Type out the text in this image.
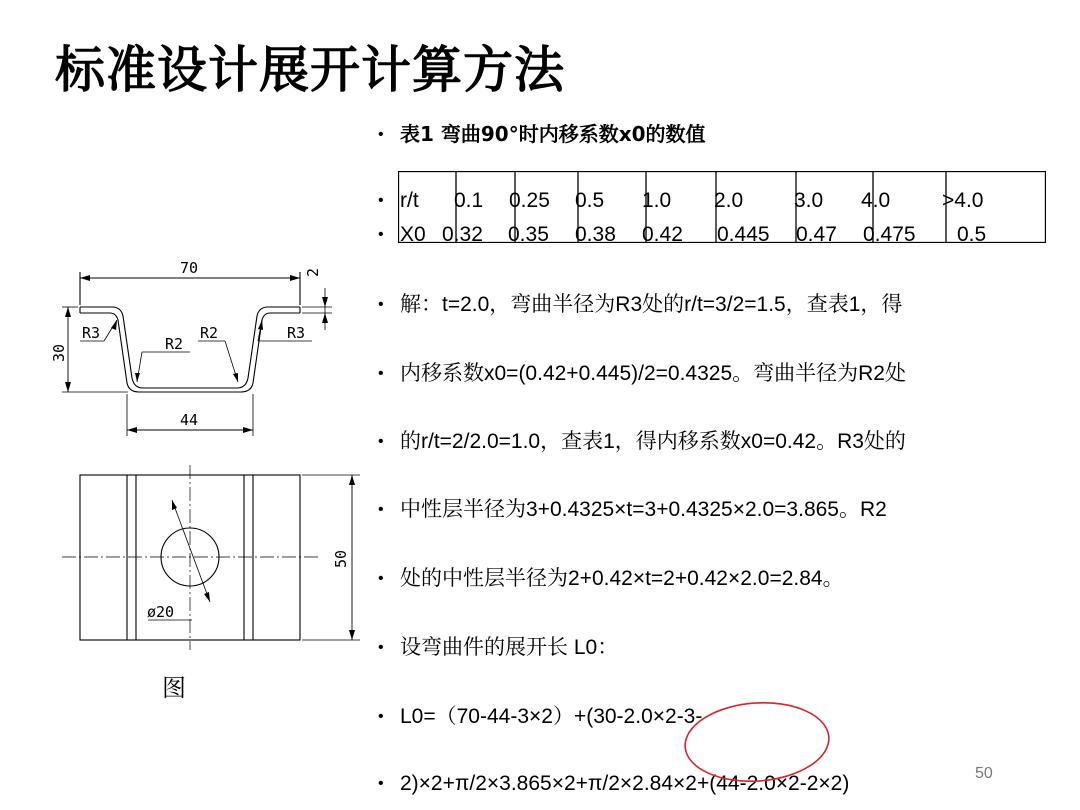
标准设计展开计算方法
• 表1 弯曲90°时内移系数x0的数值
•
•
r/t 0.1 0.25 0.5 1.0 2.0 3.0 4.0 >4.0
X0 0.32 0.35 0.38 0.42 0.445 0.47 0.475 0.5
• 解：t=2.0，弯曲半径为R3处的r/t=3/2=1.5，查表1，得
• 内移系数x0=(0.42+0.445)/2=0.4325。弯曲半径为R2处
• 的r/t=2/2.0=1.0，查表1，得内移系数x0=0.42。R3处的
• 中性层半径为3+0.4325×t=3+0.4325×2.0=3.865。R2
• 处的中性层半径为2+0.42×t=2+0.42×2.0=2.84。
• 设弯曲件的展开长 L0：
• L0=（70-44-3×2）+(30-2.0×2-3-
• 2)×2+π/2×3.865×2+π/2×2.84×2+(44-2.0×2-2×2)
70	2
30
44
R3	R3
R2
R2
ø20
50
图
50
